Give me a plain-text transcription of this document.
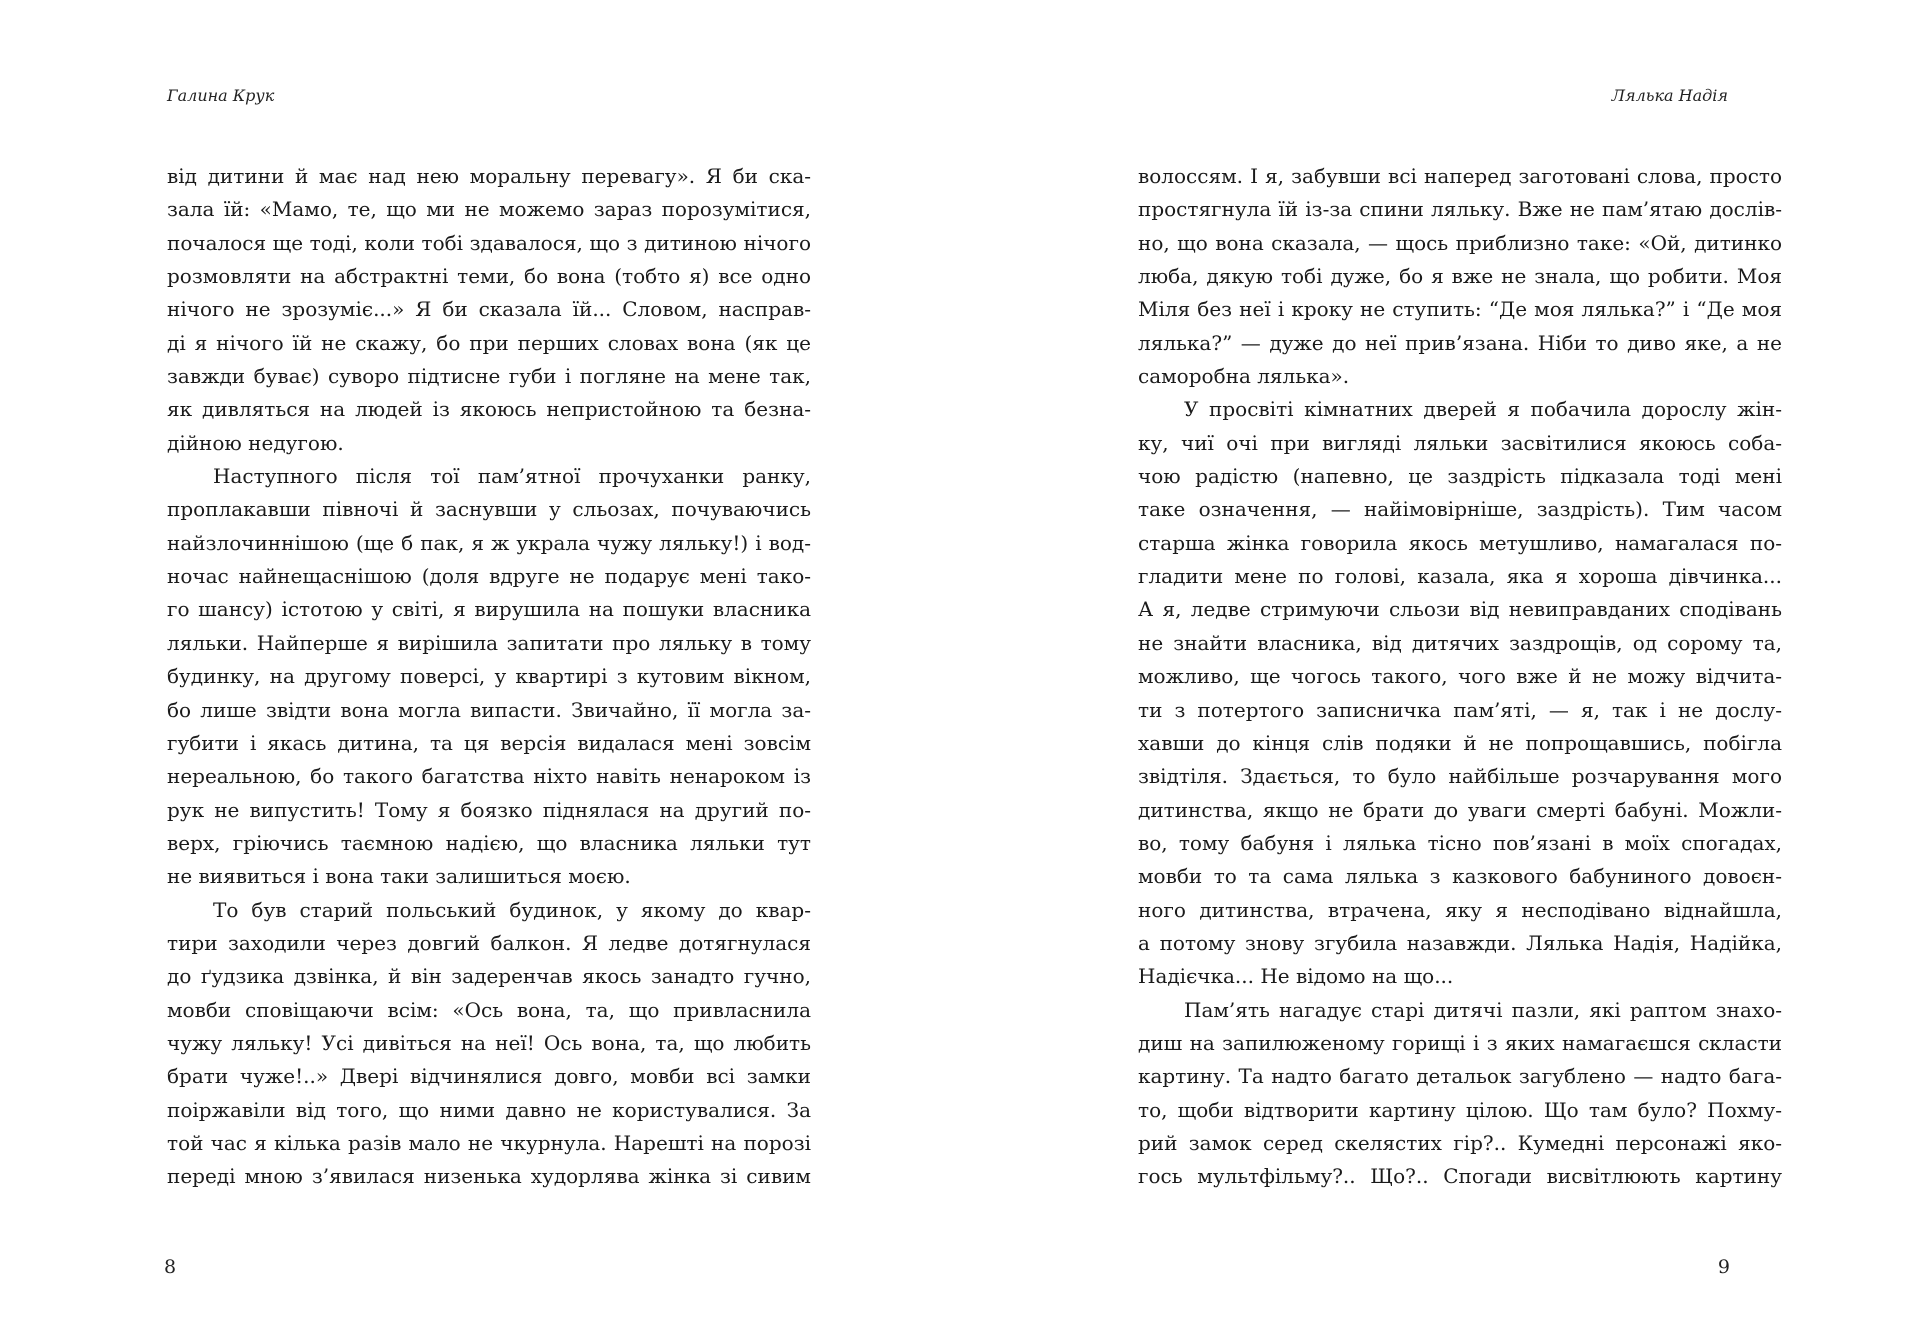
Галина Крук
від дитини й має над нею моральну перевагу». Я би ска-
зала їй: «Мамо, те, що ми не можемо зараз порозумітися,
почалося ще тоді, коли тобі здавалося, що з дитиною нічого
розмовляти на абстрактні теми, бо вона (тобто я) все одно
нічого не зрозуміє...» Я би сказала їй... Словом, насправ-
ді я нічого їй не скажу, бо при перших словах вона (як це
завжди буває) суворо підтисне губи і погляне на мене так,
як дивляться на людей із якоюсь непристойною та безна-
дійною недугою.
Наступного після тої пам’ятної прочуханки ранку,
проплакавши півночі й заснувши у сльозах, почуваючись
найзлочиннішою (ще б пак, я ж украла чужу ляльку!) і вод-
ночас найнещаснішою (доля вдруге не подарує мені тако-
го шансу) істотою у світі, я вирушила на пошуки власника
ляльки. Найперше я вирішила запитати про ляльку в тому
будинку, на другому поверсі, у квартирі з кутовим вікном,
бо лише звідти вона могла випасти. Звичайно, її могла за-
губити і якась дитина, та ця версія видалася мені зовсім
нереальною, бо такого багатства ніхто навіть ненароком із
рук не випустить! Тому я боязко піднялася на другий по-
верх, гріючись таємною надією, що власника ляльки тут
не виявиться і вона таки залишиться моєю.
То був старий польський будинок, у якому до квар-
тири заходили через довгий балкон. Я ледве дотягнулася
до ґудзика дзвінка, й він задеренчав якось занадто гучно,
мовби сповіщаючи всім: «Ось вона, та, що привласнила
чужу ляльку! Усі дивіться на неї! Ось вона, та, що любить
брати чуже!..» Двері відчинялися довго, мовби всі замки
поіржавіли від того, що ними давно не користувалися. За
той час я кілька разів мало не чкурнула. Нарешті на порозі
переді мною з’явилася низенька худорлява жінка зі сивим
8
Лялька Надія
волоссям. І я, забувши всі наперед заготовані слова, просто
простягнула їй із-за спини ляльку. Вже не пам’ятаю дослів-
но, що вона сказала, — щось приблизно таке: «Ой, дитинко
люба, дякую тобі дуже, бо я вже не знала, що робити. Моя
Міля без неї і кроку не ступить: “Де моя лялька?” і “Де моя
лялька?” — дуже до неї прив’язана. Ніби то диво яке, а не
саморобна лялька».
У просвіті кімнатних дверей я побачила дорослу жін-
ку, чиї очі при вигляді ляльки засвітилися якоюсь соба-
чою радістю (напевно, це заздрість підказала тоді мені
таке означення, — найімовірніше, заздрість). Тим часом
старша жінка говорила якось метушливо, намагалася по-
гладити мене по голові, казала, яка я хороша дівчинка...
А я, ледве стримуючи сльози від невиправданих сподівань
не знайти власника, від дитячих заздрощів, од сорому та,
можливо, ще чогось такого, чого вже й не можу відчита-
ти з потертого записничка пам’яті, — я, так і не дослу-
хавши до кінця слів подяки й не попрощавшись, побігла
звідтіля. Здається, то було найбільше розчарування мого
дитинства, якщо не брати до уваги смерті бабуні. Можли-
во, тому бабуня і лялька тісно пов’язані в моїх спогадах,
мовби то та сама лялька з казкового бабуниного довоєн-
ного дитинства, втрачена, яку я несподівано віднайшла,
а потому знову згубила назавжди. Лялька Надія, Надійка,
Надієчка... Не відомо на що...
Пам’ять нагадує старі дитячі пазли, які раптом знахо-
диш на запилюженому горищі і з яких намагаєшся скласти
картину. Та надто багато детальок загублено — надто бага-
то, щоби відтворити картину цілою. Що там було? Похму-
рий замок серед скелястих гір?.. Кумедні персонажі яко-
гось мультфільму?.. Що?.. Спогади висвітлюють картину
9
